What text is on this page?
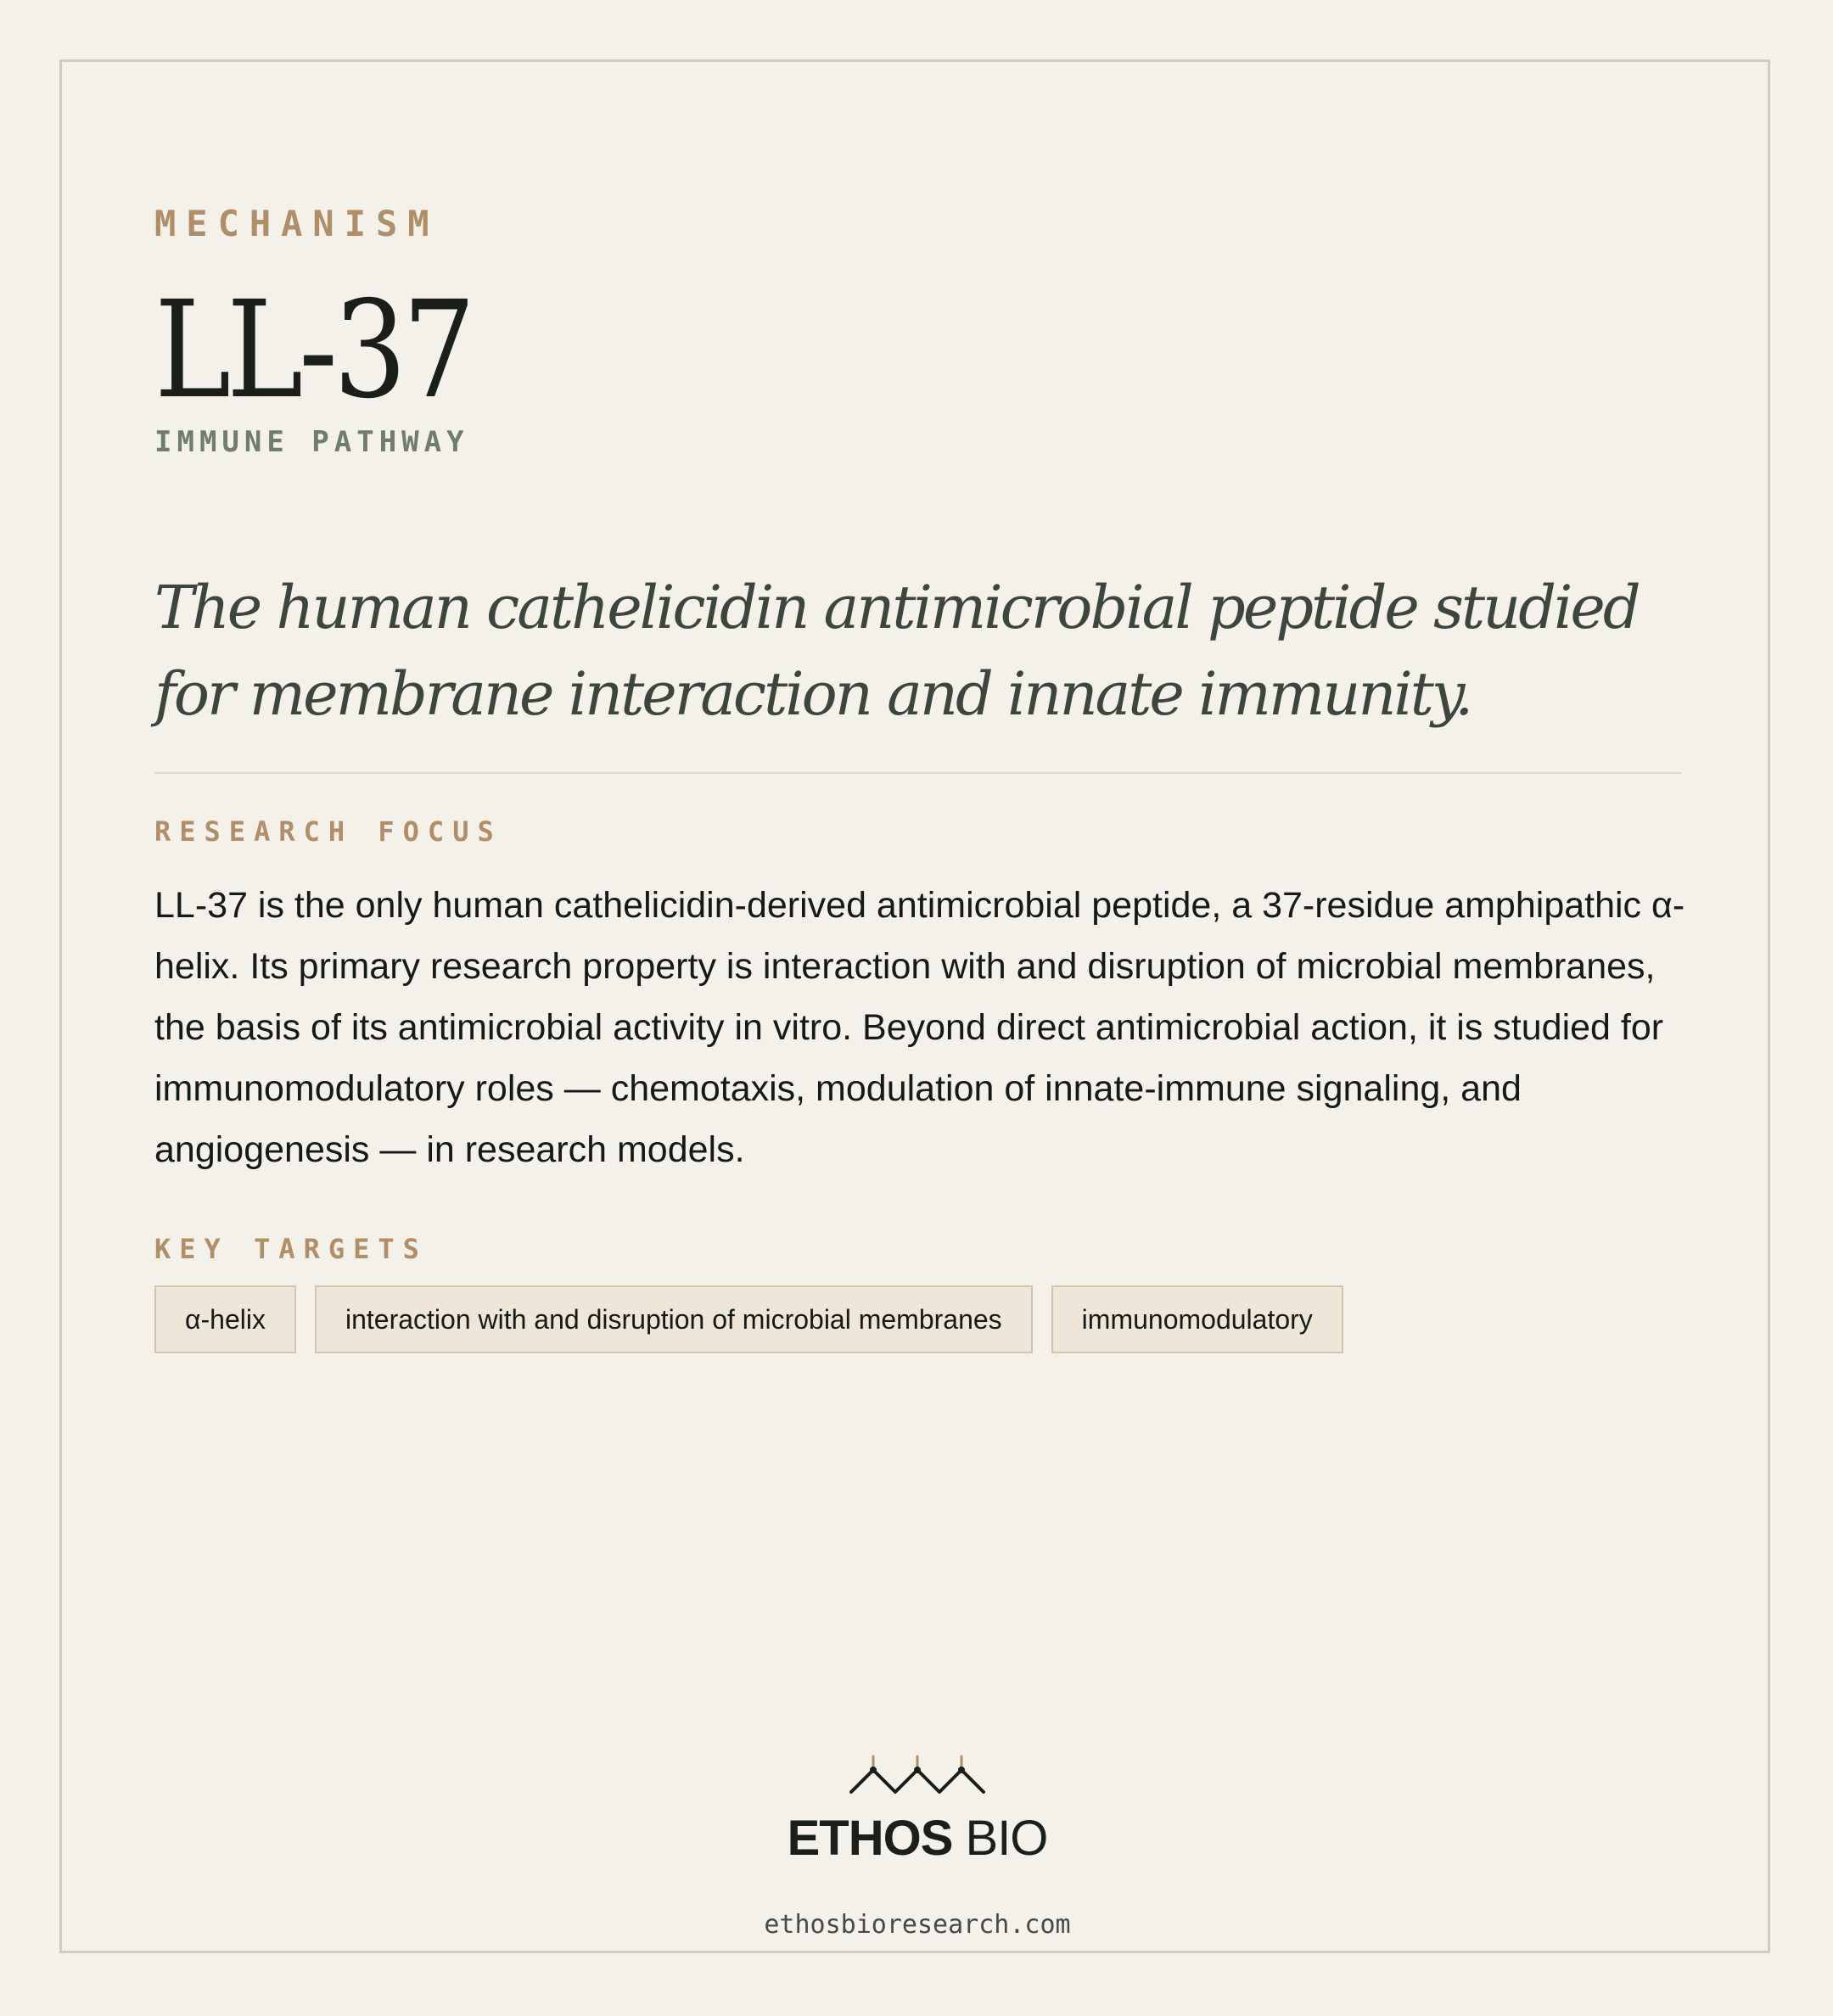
MECHANISM
LL-37
IMMUNE PATHWAY
The human cathelicidin antimicrobial peptide studied for membrane interaction and innate immunity.
RESEARCH FOCUS
LL-37 is the only human cathelicidin-derived antimicrobial peptide, a 37-residue amphipathic α-helix. Its primary research property is interaction with and disruption of microbial membranes, the basis of its antimicrobial activity in vitro. Beyond direct antimicrobial action, it is studied for immunomodulatory roles — chemotaxis, modulation of innate-immune signaling, and angiogenesis — in research models.
KEY TARGETS
α-helix	interaction with and disruption of microbial membranes	immunomodulatory
ETHOS BIO
ethosbioresearch.com
